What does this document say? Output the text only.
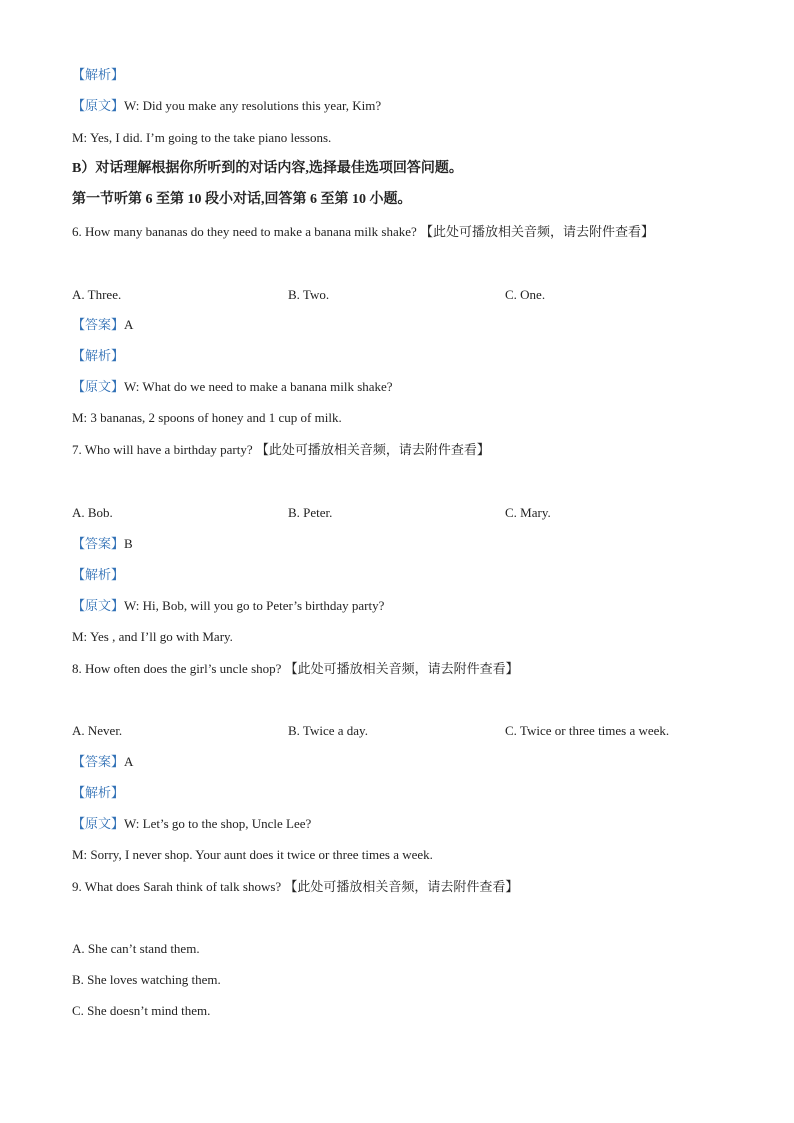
【解析】
【原文】W: Did you make any resolutions this year, Kim?
M: Yes, I did. I’m going to the take piano lessons.
B）对话理解根据你所听到的对话内容,选择最佳选项回答问题。
第一节听第 6 至第 10 段小对话,回答第 6 至第 10 小题。
6. How many bananas do they need to make a banana milk shake? 【此处可播放相关音频，请去附件查看】
A. Three.	B. Two.	C. One.
【答案】A
【解析】
【原文】W: What do we need to make a banana milk shake?
M: 3 bananas, 2 spoons of honey and 1 cup of milk.
7. Who will have a birthday party? 【此处可播放相关音频，请去附件查看】
A. Bob.	B. Peter.	C. Mary.
【答案】B
【解析】
【原文】W: Hi, Bob, will you go to Peter’s birthday party?
M: Yes , and I’ll go with Mary.
8. How often does the girl’s uncle shop? 【此处可播放相关音频，请去附件查看】
A. Never.	B. Twice a day.	C. Twice or three times a week.
【答案】A
【解析】
【原文】W: Let’s go to the shop, Uncle Lee?
M: Sorry, I never shop. Your aunt does it twice or three times a week.
9. What does Sarah think of talk shows? 【此处可播放相关音频，请去附件查看】
A. She can’t stand them.
B. She loves watching them.
C. She doesn’t mind them.
